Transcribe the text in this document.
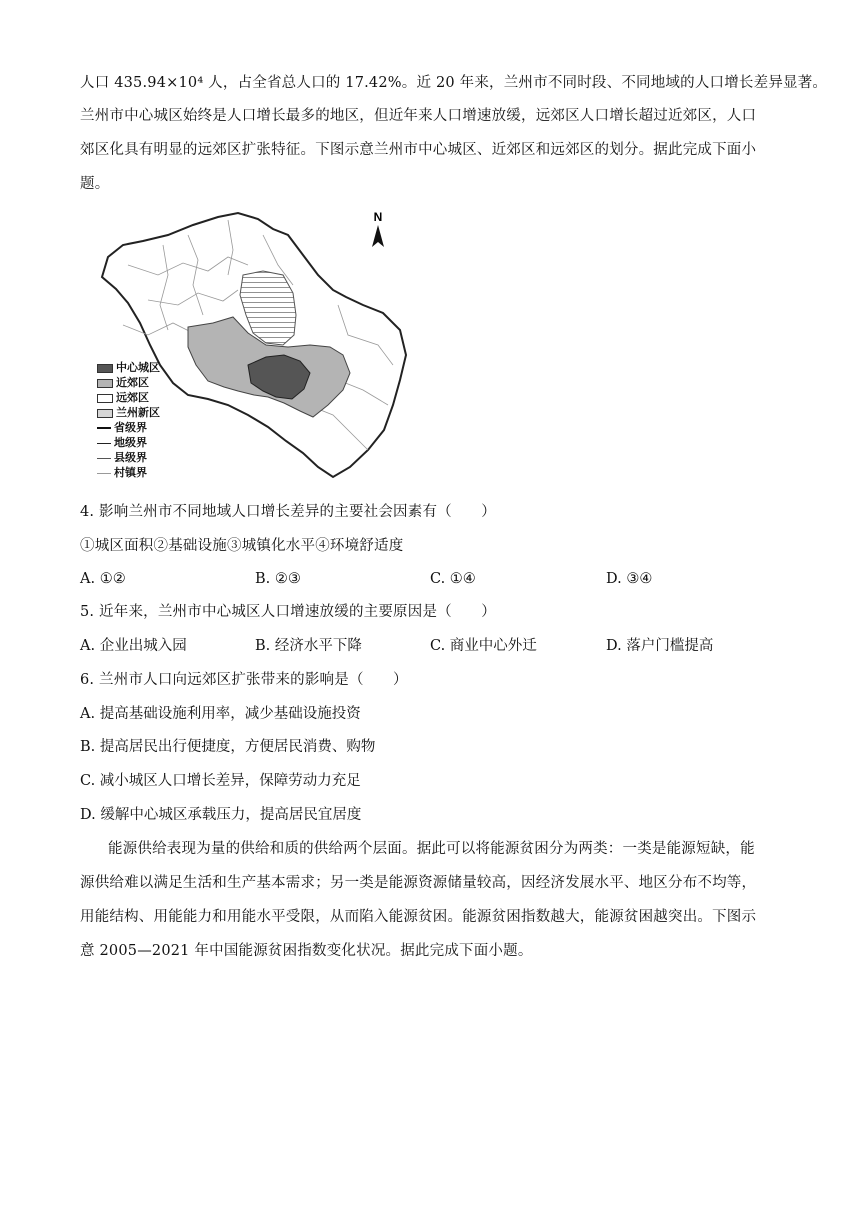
人口 435.94×10⁴ 人，占全省总人口的 17.42%。近 20 年来，兰州市不同时段、不同地域的人口增长差异显著。
兰州市中心城区始终是人口增长最多的地区，但近年来人口增速放缓，远郊区人口增长超过近郊区，人口
郊区化具有明显的远郊区扩张特征。下图示意兰州市中心城区、近郊区和远郊区的划分。据此完成下面小
题。
N
中心城区
近郊区
远郊区
兰州新区
省级界
地级界
县级界
村镇界
4. 影响兰州市不同地域人口增长差异的主要社会因素有（　　）
①城区面积②基础设施③城镇化水平④环境舒适度
A. ①②	B. ②③	C. ①④	D. ③④
5. 近年来，兰州市中心城区人口增速放缓的主要原因是（　　）
A. 企业出城入园	B. 经济水平下降	C. 商业中心外迁	D. 落户门槛提高
6. 兰州市人口向远郊区扩张带来的影响是（　　）
A. 提高基础设施利用率，减少基础设施投资
B. 提高居民出行便捷度，方便居民消费、购物
C. 减小城区人口增长差异，保障劳动力充足
D. 缓解中心城区承载压力，提高居民宜居度
能源供给表现为量的供给和质的供给两个层面。据此可以将能源贫困分为两类：一类是能源短缺，能
源供给难以满足生活和生产基本需求；另一类是能源资源储量较高，因经济发展水平、地区分布不均等，
用能结构、用能能力和用能水平受限，从而陷入能源贫困。能源贫困指数越大，能源贫困越突出。下图示
意 2005—2021 年中国能源贫困指数变化状况。据此完成下面小题。
